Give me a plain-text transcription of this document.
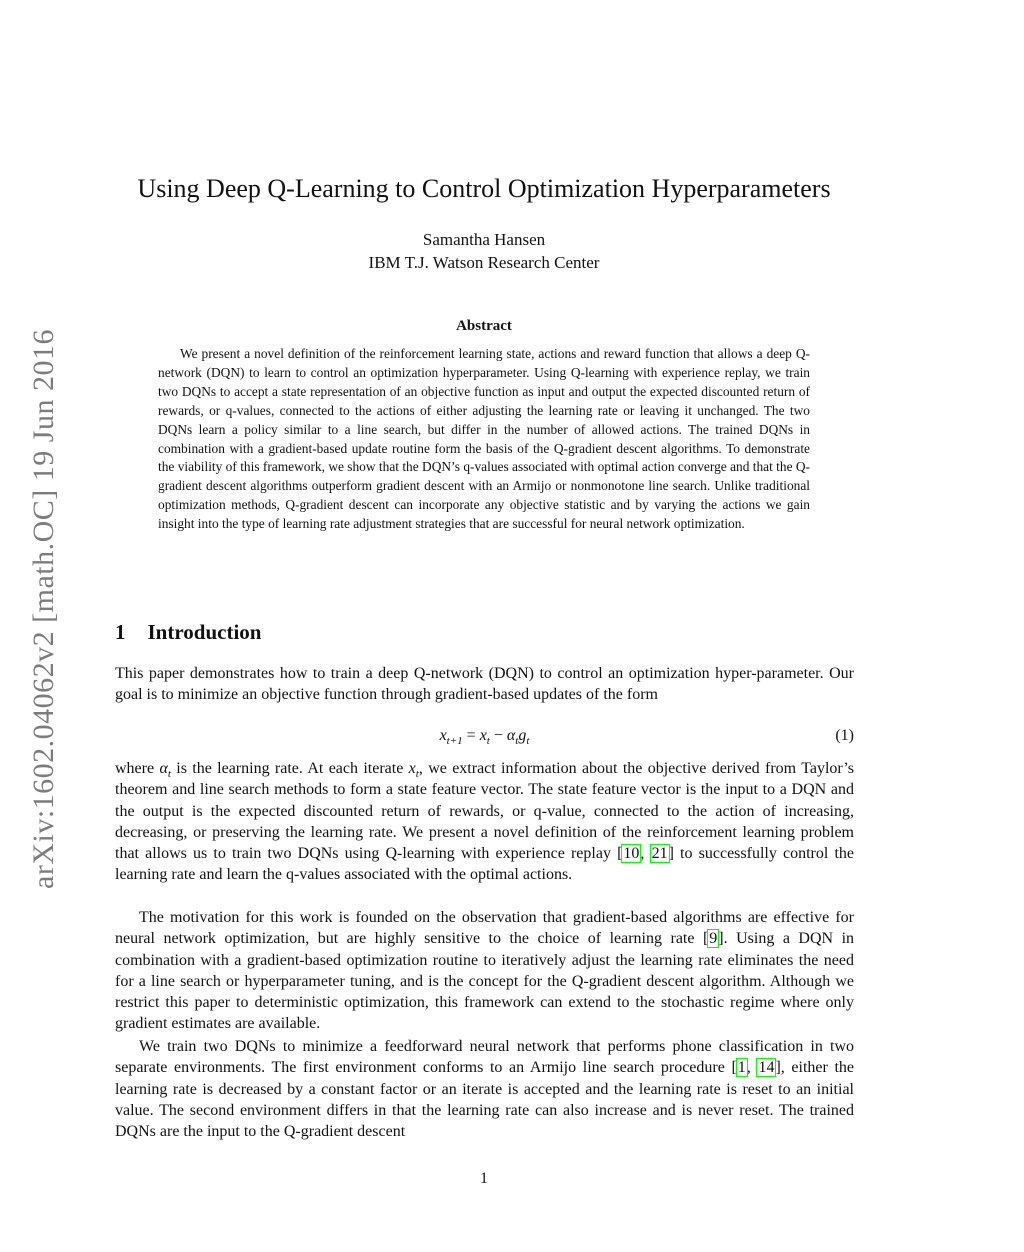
arXiv:1602.04062v2 [math.OC] 19 Jun 2016
Using Deep Q-Learning to Control Optimization Hyperparameters
Samantha Hansen
IBM T.J. Watson Research Center
Abstract
We present a novel definition of the reinforcement learning state, actions and reward function that allows a deep Q-network (DQN) to learn to control an optimization hyperparameter. Using Q-learning with experience replay, we train two DQNs to accept a state representation of an objective function as input and output the expected discounted return of rewards, or q-values, connected to the actions of either adjusting the learning rate or leaving it unchanged. The two DQNs learn a policy similar to a line search, but differ in the number of allowed actions. The trained DQNs in combination with a gradient-based update routine form the basis of the Q-gradient descent algorithms. To demonstrate the viability of this framework, we show that the DQN’s q-values associated with optimal action converge and that the Q-gradient descent algorithms outperform gradient descent with an Armijo or nonmonotone line search. Unlike traditional optimization methods, Q-gradient descent can incorporate any objective statistic and by varying the actions we gain insight into the type of learning rate adjustment strategies that are successful for neural network optimization.
1 Introduction
This paper demonstrates how to train a deep Q-network (DQN) to control an optimization hyper-parameter. Our goal is to minimize an objective function through gradient-based updates of the form
$x_{t+1} = x_t - \alpha_tg_t$	(1)
where $\alpha_t$ is the learning rate. At each iterate $x_t$, we extract information about the objective derived from Taylor’s theorem and line search methods to form a state feature vector. The state feature vector is the input to a DQN and the output is the expected discounted return of rewards, or q-value, connected to the action of increasing, decreasing, or preserving the learning rate. We present a novel definition of the reinforcement learning problem that allows us to train two DQNs using Q-learning with experience replay [10, 21] to successfully control the learning rate and learn the q-values associated with the optimal actions.
The motivation for this work is founded on the observation that gradient-based algorithms are effective for neural network optimization, but are highly sensitive to the choice of learning rate [9]. Using a DQN in combination with a gradient-based optimization routine to iteratively adjust the learning rate eliminates the need for a line search or hyperparameter tuning, and is the concept for the Q-gradient descent algorithm. Although we restrict this paper to deterministic optimization, this framework can extend to the stochastic regime where only gradient estimates are available.
We train two DQNs to minimize a feedforward neural network that performs phone classification in two separate environments. The first environment conforms to an Armijo line search procedure [1, 14], either the learning rate is decreased by a constant factor or an iterate is accepted and the learning rate is reset to an initial value. The second environment differs in that the learning rate can also increase and is never reset. The trained DQNs are the input to the Q-gradient descent
1
